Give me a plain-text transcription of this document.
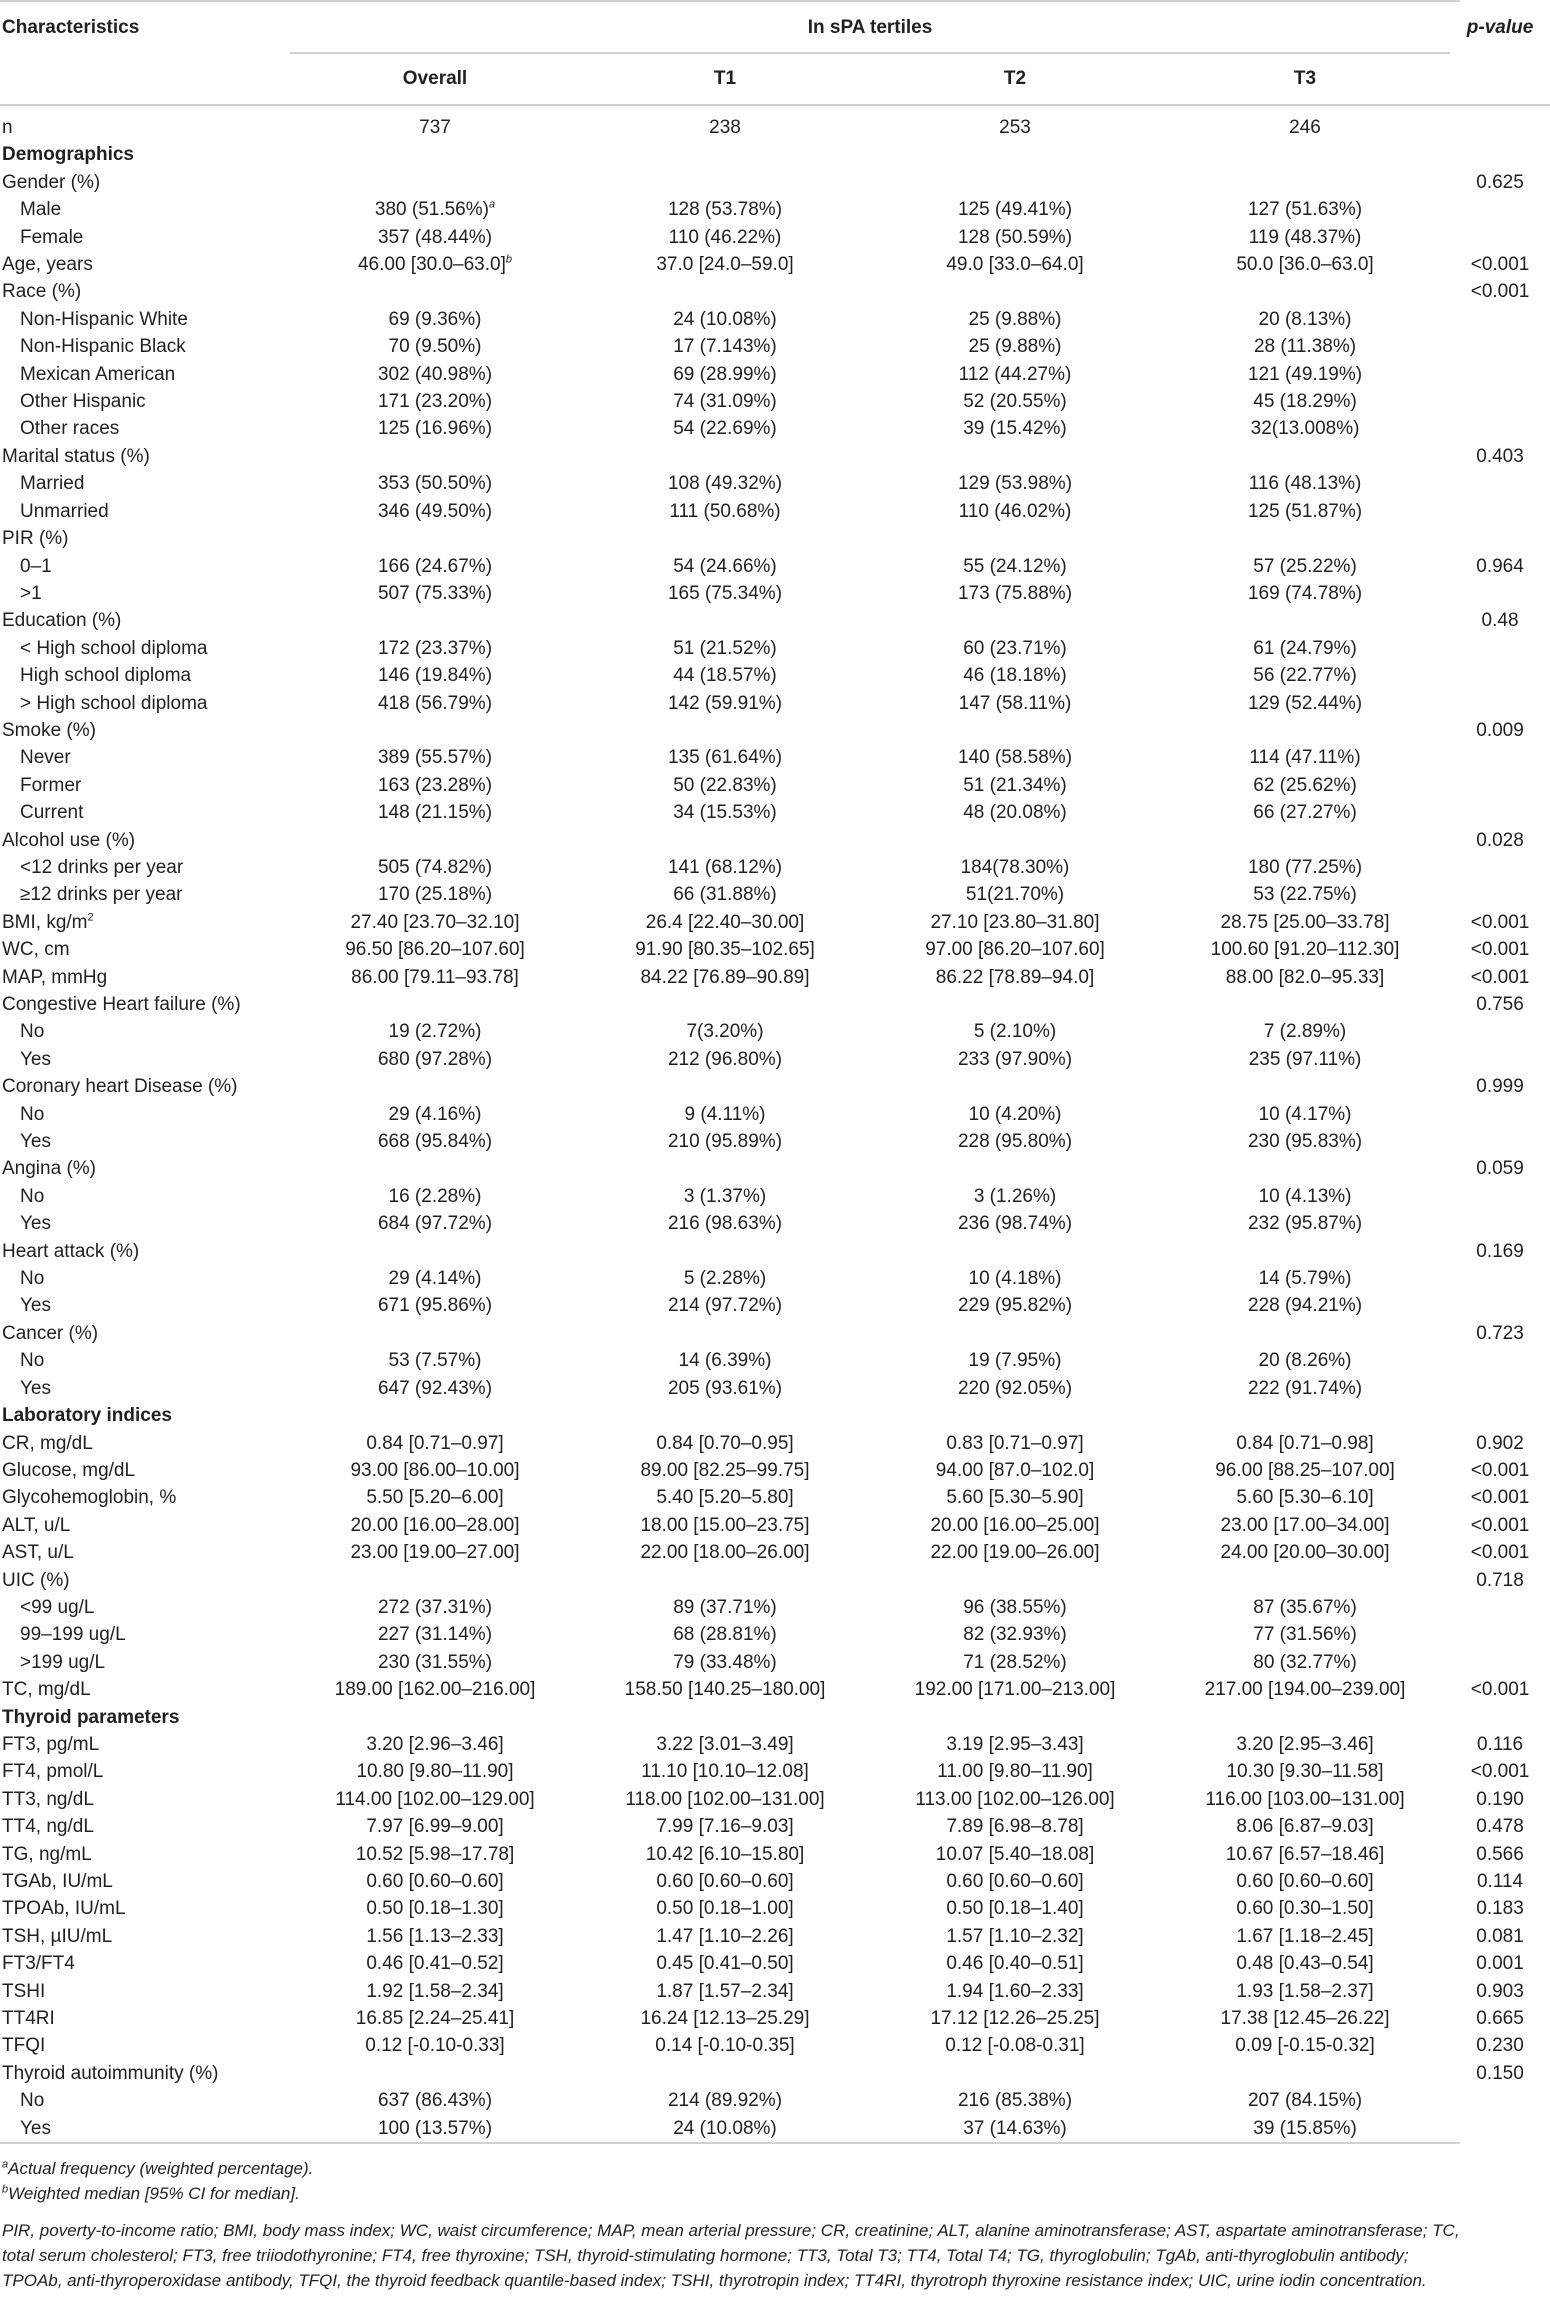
Characteristics	In sPA tertiles				p-value
	Overall	T1	T2	T3	

n	737	238	253	246	
Demographics					
Gender (%)					0.625
Male	380 $(51.56\%)^a$	128 (53.78%)	125 (49.41%)	127 (51.63%)	
Female	357 (48.44%)	110 (46.22%)	128 (50.59%)	119 (48.37%)	
Age, years	46.00 $[30.0-63.0]^b$	37.0 [24.0–59.0]	49.0 [33.0–64.0]	50.0 [36.0–63.0]	<0.001
Race (%)					<0.001
Non-Hispanic White	69 (9.36%)	24 (10.08%)	25 (9.88%)	20 (8.13%)	
Non-Hispanic Black	70 (9.50%)	17 (7.143%)	25 (9.88%)	28 (11.38%)	
Mexican American	302 (40.98%)	69 (28.99%)	112 (44.27%)	121 (49.19%)	
Other Hispanic	171 (23.20%)	74 (31.09%)	52 (20.55%)	45 (18.29%)	
Other races	125 (16.96%)	54 (22.69%)	39 (15.42%)	32(13.008%)	
Marital status (%)					0.403
Married	353 (50.50%)	108 (49.32%)	129 (53.98%)	116 (48.13%)	
Unmarried	346 (49.50%)	111 (50.68%)	110 (46.02%)	125 (51.87%)	
PIR (%)					
0–1	166 (24.67%)	54 (24.66%)	55 (24.12%)	57 (25.22%)	0.964
>1	507 (75.33%)	165 (75.34%)	173 (75.88%)	169 (74.78%)	
Education (%)					0.48
< High school diploma	172 (23.37%)	51 (21.52%)	60 (23.71%)	61 (24.79%)	
High school diploma	146 (19.84%)	44 (18.57%)	46 (18.18%)	56 (22.77%)	
> High school diploma	418 (56.79%)	142 (59.91%)	147 (58.11%)	129 (52.44%)	
Smoke (%)					0.009
Never	389 (55.57%)	135 (61.64%)	140 (58.58%)	114 (47.11%)	
Former	163 (23.28%)	50 (22.83%)	51 (21.34%)	62 (25.62%)	
Current	148 (21.15%)	34 (15.53%)	48 (20.08%)	66 (27.27%)	
Alcohol use (%)					0.028
<12 drinks per year	505 (74.82%)	141 (68.12%)	184(78.30%)	180 (77.25%)	
≥12 drinks per year	170 (25.18%)	66 (31.88%)	51(21.70%)	53 (22.75%)	
BMI, $kg/m^2$	27.40 [23.70–32.10]	26.4 [22.40–30.00]	27.10 [23.80–31.80]	28.75 [25.00–33.78]	<0.001
WC, cm	96.50 [86.20–107.60]	91.90 [80.35–102.65]	97.00 [86.20–107.60]	100.60 [91.20–112.30]	<0.001
MAP, mmHg	86.00 [79.11–93.78]	84.22 [76.89–90.89]	86.22 [78.89–94.0]	88.00 [82.0–95.33]	<0.001
Congestive Heart failure (%)					0.756
No	19 (2.72%)	7(3.20%)	5 (2.10%)	7 (2.89%)	
Yes	680 (97.28%)	212 (96.80%)	233 (97.90%)	235 (97.11%)	
Coronary heart Disease (%)					0.999
No	29 (4.16%)	9 (4.11%)	10 (4.20%)	10 (4.17%)	
Yes	668 (95.84%)	210 (95.89%)	228 (95.80%)	230 (95.83%)	
Angina (%)					0.059
No	16 (2.28%)	3 (1.37%)	3 (1.26%)	10 (4.13%)	
Yes	684 (97.72%)	216 (98.63%)	236 (98.74%)	232 (95.87%)	
Heart attack (%)					0.169
No	29 (4.14%)	5 (2.28%)	10 (4.18%)	14 (5.79%)	
Yes	671 (95.86%)	214 (97.72%)	229 (95.82%)	228 (94.21%)	
Cancer (%)					0.723
No	53 (7.57%)	14 (6.39%)	19 (7.95%)	20 (8.26%)	
Yes	647 (92.43%)	205 (93.61%)	220 (92.05%)	222 (91.74%)	
Laboratory indices					
CR, mg/dL	0.84 [0.71–0.97]	0.84 [0.70–0.95]	0.83 [0.71–0.97]	0.84 [0.71–0.98]	0.902
Glucose, mg/dL	93.00 [86.00–10.00]	89.00 [82.25–99.75]	94.00 [87.0–102.0]	96.00 [88.25–107.00]	<0.001
Glycohemoglobin, %	5.50 [5.20–6.00]	5.40 [5.20–5.80]	5.60 [5.30–5.90]	5.60 [5.30–6.10]	<0.001
ALT, u/L	20.00 [16.00–28.00]	18.00 [15.00–23.75]	20.00 [16.00–25.00]	23.00 [17.00–34.00]	<0.001
AST, u/L	23.00 [19.00–27.00]	22.00 [18.00–26.00]	22.00 [19.00–26.00]	24.00 [20.00–30.00]	<0.001
UIC (%)					0.718
<99 ug/L	272 (37.31%)	89 (37.71%)	96 (38.55%)	87 (35.67%)	
99–199 ug/L	227 (31.14%)	68 (28.81%)	82 (32.93%)	77 (31.56%)	
>199 ug/L	230 (31.55%)	79 (33.48%)	71 (28.52%)	80 (32.77%)	
TC, mg/dL	189.00 [162.00–216.00]	158.50 [140.25–180.00]	192.00 [171.00–213.00]	217.00 [194.00–239.00]	<0.001
Thyroid parameters					
FT3, pg/mL	3.20 [2.96–3.46]	3.22 [3.01–3.49]	3.19 [2.95–3.43]	3.20 [2.95–3.46]	0.116
FT4, pmol/L	10.80 [9.80–11.90]	11.10 [10.10–12.08]	11.00 [9.80–11.90]	10.30 [9.30–11.58]	<0.001
TT3, ng/dL	114.00 [102.00–129.00]	118.00 [102.00–131.00]	113.00 [102.00–126.00]	116.00 [103.00–131.00]	0.190
TT4, ng/dL	7.97 [6.99–9.00]	7.99 [7.16–9.03]	7.89 [6.98–8.78]	8.06 [6.87–9.03]	0.478
TG, ng/mL	10.52 [5.98–17.78]	10.42 [6.10–15.80]	10.07 [5.40–18.08]	10.67 [6.57–18.46]	0.566
TGAb, IU/mL	0.60 [0.60–0.60]	0.60 [0.60–0.60]	0.60 [0.60–0.60]	0.60 [0.60–0.60]	0.114
TPOAb, IU/mL	0.50 [0.18–1.30]	0.50 [0.18–1.00]	0.50 [0.18–1.40]	0.60 [0.30–1.50]	0.183
TSH, µIU/mL	1.56 [1.13–2.33]	1.47 [1.10–2.26]	1.57 [1.10–2.32]	1.67 [1.18–2.45]	0.081
FT3/FT4	0.46 [0.41–0.52]	0.45 [0.41–0.50]	0.46 [0.40–0.51]	0.48 [0.43–0.54]	0.001
TSHI	1.92 [1.58–2.34]	1.87 [1.57–2.34]	1.94 [1.60–2.33]	1.93 [1.58–2.37]	0.903
TT4RI	16.85 [2.24–25.41]	16.24 [12.13–25.29]	17.12 [12.26–25.25]	17.38 [12.45–26.22]	0.665
TFQI	0.12 [-0.10-0.33]	0.14 [-0.10-0.35]	0.12 [-0.08-0.31]	0.09 [-0.15-0.32]	0.230
Thyroid autoimmunity (%)					0.150
No	637 (86.43%)	214 (89.92%)	216 (85.38%)	207 (84.15%)	
Yes	100 (13.57%)	24 (10.08%)	37 (14.63%)	39 (15.85%)	

$^a$Actual frequency (weighted percentage).

$^b$Weighted median [95% CI for median].

PIR, poverty-to-income ratio; BMI, body mass index; WC, waist circumference; MAP, mean arterial pressure; CR, creatinine; ALT, alanine aminotransferase; AST, aspartate aminotransferase; TC, total serum cholesterol; FT3, free triiodothyronine; FT4, free thyroxine; TSH, thyroid-stimulating hormone; TT3, Total T3; TT4, Total T4; TG, thyroglobulin; TgAb, anti-thyroglobulin antibody; TPOAb, anti-thyroperoxidase antibody, TFQI, the thyroid feedback quantile-based index; TSHI, thyrotropin index; TT4RI, thyrotroph thyroxine resistance index; UIC, urine iodin concentration.
